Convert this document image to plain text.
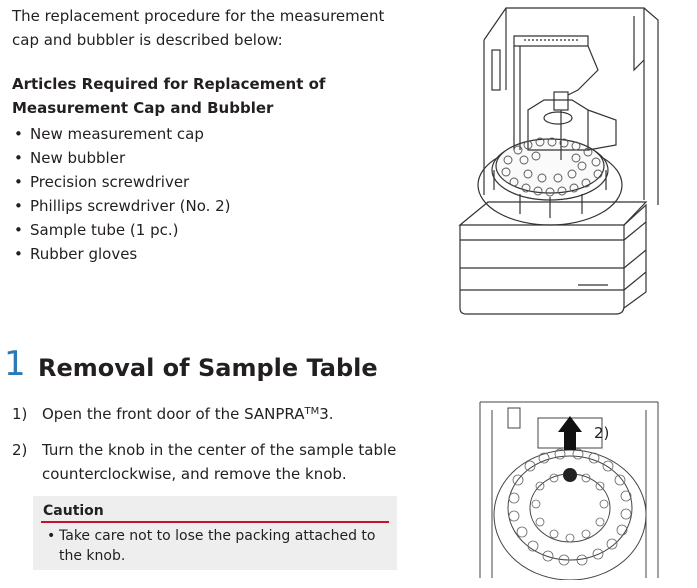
The replacement procedure for the measurement cap and bubbler is described below:
Articles Required for Replacement of Measurement Cap and Bubbler
• New measurement cap
• New bubbler
• Precision screwdriver
• Phillips screwdriver (No. 2)
• Sample tube (1 pc.)
• Rubber gloves
1 Removal of Sample Table
1) Open the front door of the SANPRA™3.
2) Turn the knob in the center of the sample table counterclockwise, and remove the knob.
Caution
• Take care not to lose the packing attached to the knob.
2)
